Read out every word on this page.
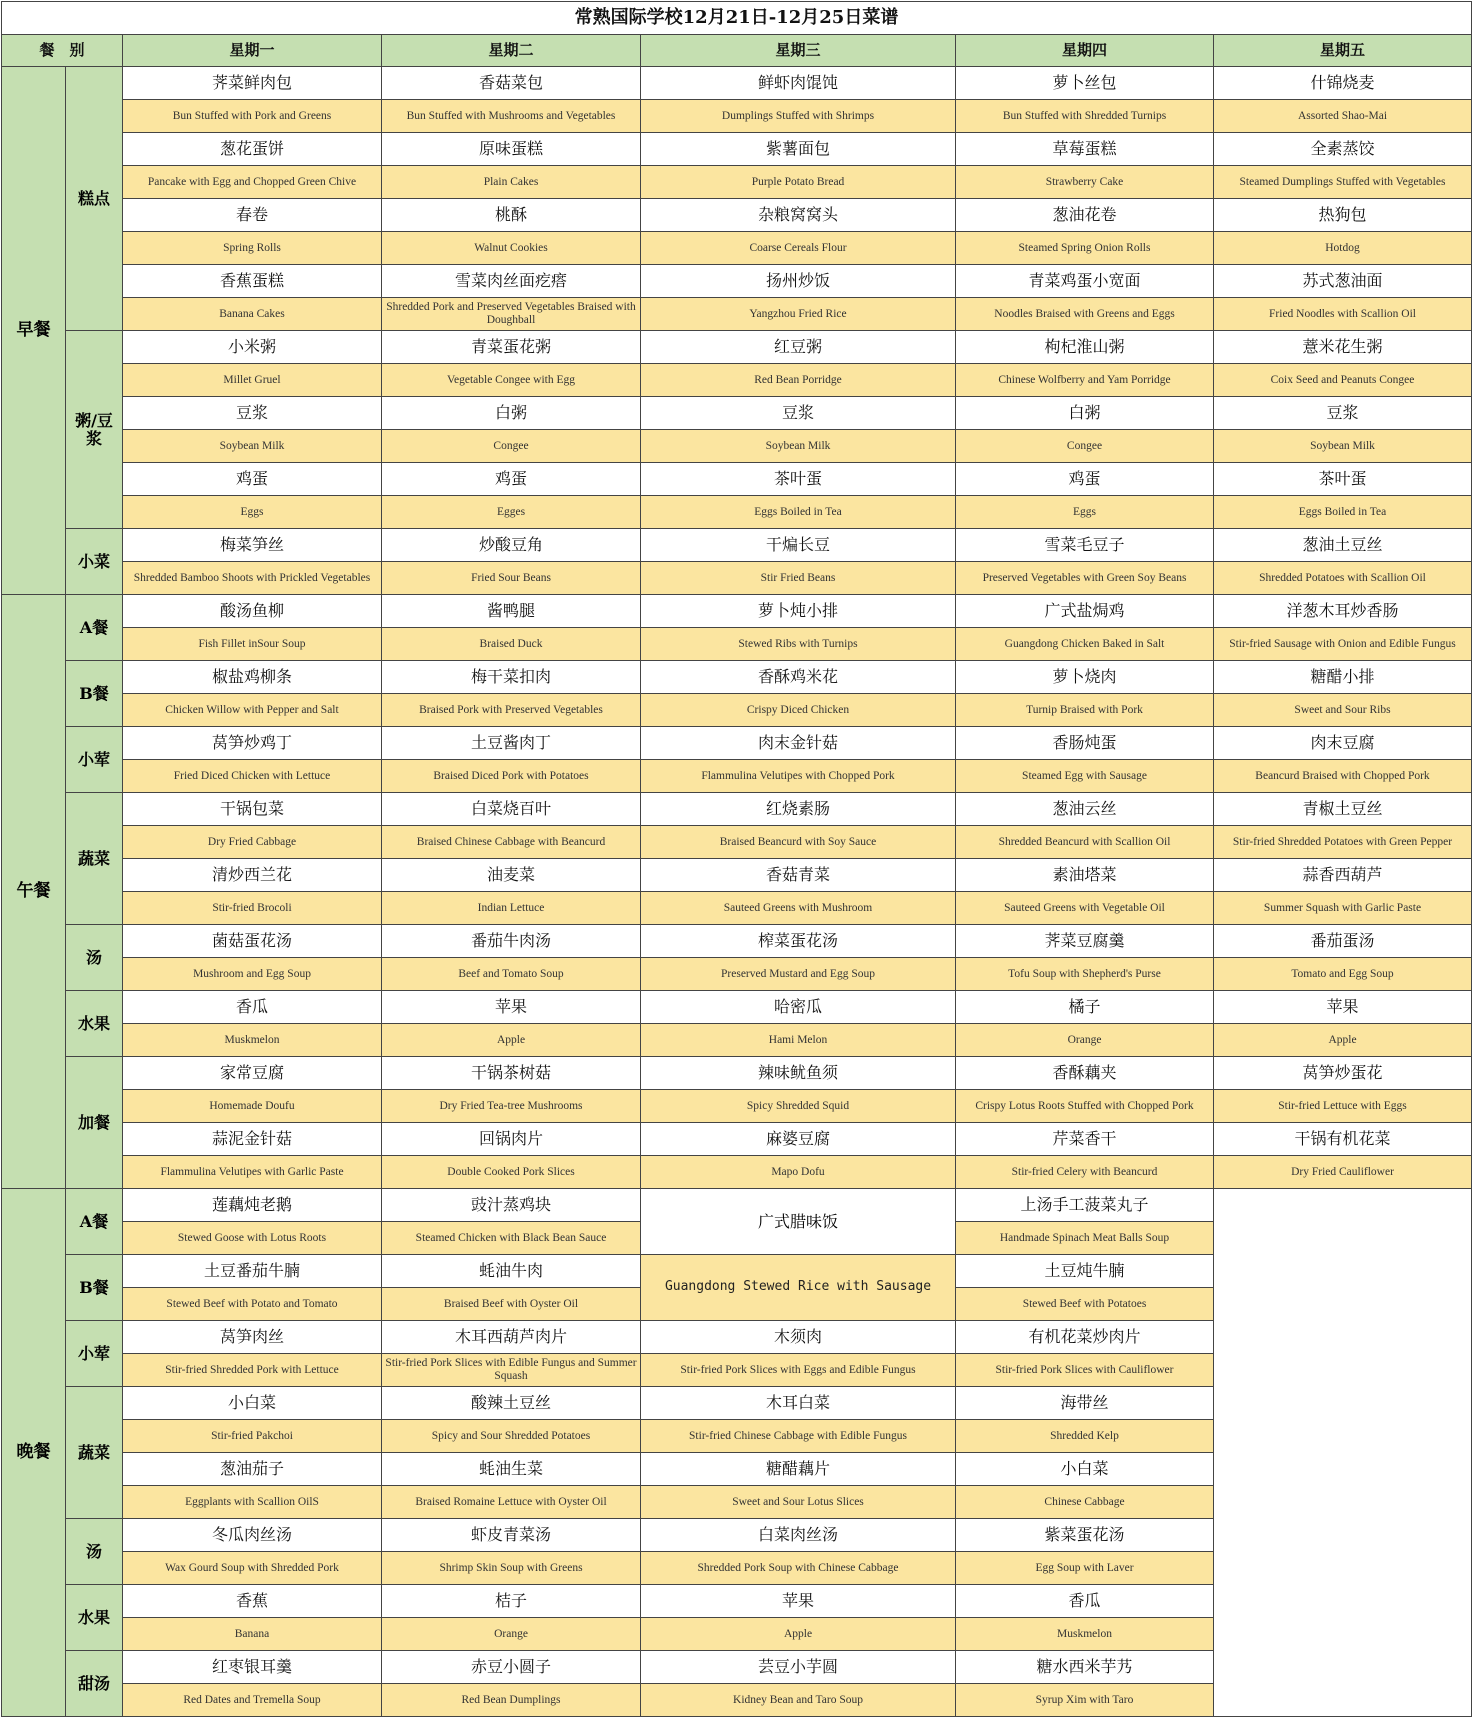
常熟国际学校12月21日-12月25日菜谱						
餐　别		星期一	星期二	星期三	星期四	星期五
早餐	糕点	荠菜鲜肉包	香菇菜包	鲜虾肉馄饨	萝卜丝包	什锦烧麦
		Bun Stuffed with Pork and Greens	Bun Stuffed with Mushrooms and Vegetables	Dumplings Stuffed with Shrimps	Bun Stuffed with Shredded Turnips	Assorted Shao-Mai
		葱花蛋饼	原味蛋糕	紫薯面包	草莓蛋糕	全素蒸饺
		Pancake with Egg and Chopped Green Chive	Plain Cakes	Purple Potato Bread	Strawberry Cake	Steamed Dumplings Stuffed with Vegetables
		春卷	桃酥	杂粮窝窝头	葱油花卷	热狗包
		Spring Rolls	Walnut Cookies	Coarse Cereals Flour	Steamed Spring Onion Rolls	Hotdog
		香蕉蛋糕	雪菜肉丝面疙瘩	扬州炒饭	青菜鸡蛋小宽面	苏式葱油面
		Banana Cakes	Shredded Pork and Preserved Vegetables Braised with Doughball	Yangzhou Fried Rice	Noodles Braised with Greens and Eggs	Fried Noodles with Scallion Oil
	粥/豆浆	小米粥	青菜蛋花粥	红豆粥	枸杞淮山粥	薏米花生粥
		Millet Gruel	Vegetable Congee with Egg	Red Bean Porridge	Chinese Wolfberry and Yam Porridge	Coix Seed and Peanuts Congee
		豆浆	白粥	豆浆	白粥	豆浆
		Soybean Milk	Congee	Soybean Milk	Congee	Soybean Milk
		鸡蛋	鸡蛋	茶叶蛋	鸡蛋	茶叶蛋
		Eggs	Egges	Eggs Boiled in Tea	Eggs	Eggs Boiled in Tea
	小菜	梅菜笋丝	炒酸豆角	干煸长豆	雪菜毛豆子	葱油土豆丝
		Shredded Bamboo Shoots with Prickled Vegetables	Fried Sour Beans	Stir Fried Beans	Preserved Vegetables with Green Soy Beans	Shredded Potatoes with Scallion Oil
午餐	A餐	酸汤鱼柳	酱鸭腿	萝卜炖小排	广式盐焗鸡	洋葱木耳炒香肠
		Fish Fillet inSour Soup	Braised Duck	Stewed Ribs with Turnips	Guangdong Chicken Baked in Salt	Stir-fried Sausage with Onion and Edible Fungus
	B餐	椒盐鸡柳条	梅干菜扣肉	香酥鸡米花	萝卜烧肉	糖醋小排
		Chicken Willow with Pepper and Salt	Braised Pork with Preserved Vegetables	Crispy Diced Chicken	Turnip Braised with Pork	Sweet and Sour Ribs
	小荤	莴笋炒鸡丁	土豆酱肉丁	肉末金针菇	香肠炖蛋	肉末豆腐
		Fried Diced Chicken with Lettuce	Braised Diced Pork with Potatoes	Flammulina Velutipes with Chopped Pork	Steamed Egg with Sausage	Beancurd Braised with Chopped Pork
	蔬菜	干锅包菜	白菜烧百叶	红烧素肠	葱油云丝	青椒土豆丝
		Dry Fried Cabbage	Braised Chinese Cabbage with Beancurd	Braised Beancurd with Soy Sauce	Shredded Beancurd with Scallion Oil	Stir-fried Shredded Potatoes with Green Pepper
		清炒西兰花	油麦菜	香菇青菜	素油塔菜	蒜香西葫芦
		Stir-fried Brocoli	Indian Lettuce	Sauteed Greens with Mushroom	Sauteed Greens with Vegetable Oil	Summer Squash with Garlic Paste
	汤	菌菇蛋花汤	番茄牛肉汤	榨菜蛋花汤	荠菜豆腐羹	番茄蛋汤
		Mushroom and Egg Soup	Beef and Tomato Soup	Preserved Mustard and Egg Soup	Tofu Soup with Shepherd's Purse	Tomato and Egg Soup
	水果	香瓜	苹果	哈密瓜	橘子	苹果
		Muskmelon	Apple	Hami Melon	Orange	Apple
	加餐	家常豆腐	干锅茶树菇	辣味鱿鱼须	香酥藕夹	莴笋炒蛋花
		Homemade Doufu	Dry Fried Tea-tree Mushrooms	Spicy Shredded Squid	Crispy Lotus Roots Stuffed with Chopped Pork	Stir-fried Lettuce with Eggs
		蒜泥金针菇	回锅肉片	麻婆豆腐	芹菜香干	干锅有机花菜
		Flammulina Velutipes with Garlic Paste	Double Cooked Pork Slices	Mapo Dofu	Stir-fried Celery with Beancurd	Dry Fried Cauliflower
晚餐	A餐	莲藕炖老鹅	豉汁蒸鸡块	广式腊味饭	上汤手工菠菜丸子	
		Stewed Goose with Lotus Roots	Steamed Chicken with Black Bean Sauce		Handmade Spinach Meat Balls Soup	
	B餐	土豆番茄牛腩	蚝油牛肉	Guangdong Stewed Rice with Sausage	土豆炖牛腩	
		Stewed Beef with Potato and Tomato	Braised Beef with Oyster Oil		Stewed Beef with Potatoes	
	小荤	莴笋肉丝	木耳西葫芦肉片	木须肉	有机花菜炒肉片	
		Stir-fried Shredded Pork with Lettuce	Stir-fried Pork Slices with Edible Fungus and Summer Squash	Stir-fried Pork Slices with Eggs and Edible Fungus	Stir-fried Pork Slices with Cauliflower	
	蔬菜	小白菜	酸辣土豆丝	木耳白菜	海带丝	
		Stir-fried Pakchoi	Spicy and Sour Shredded Potatoes	Stir-fried Chinese Cabbage with Edible Fungus	Shredded Kelp	
		葱油茄子	蚝油生菜	糖醋藕片	小白菜	
		Eggplants with Scallion OilS	Braised Romaine Lettuce with Oyster Oil	Sweet and Sour Lotus Slices	Chinese Cabbage	
	汤	冬瓜肉丝汤	虾皮青菜汤	白菜肉丝汤	紫菜蛋花汤	
		Wax Gourd Soup with Shredded Pork	Shrimp Skin Soup with Greens	Shredded Pork Soup with Chinese Cabbage	Egg Soup with Laver	
	水果	香蕉	桔子	苹果	香瓜	
		Banana	Orange	Apple	Muskmelon	
	甜汤	红枣银耳羹	赤豆小圆子	芸豆小芋圆	糖水西米芋艿	
		Red Dates and Tremella Soup	Red Bean Dumplings	Kidney Bean and Taro Soup	Syrup Xim with Taro	
